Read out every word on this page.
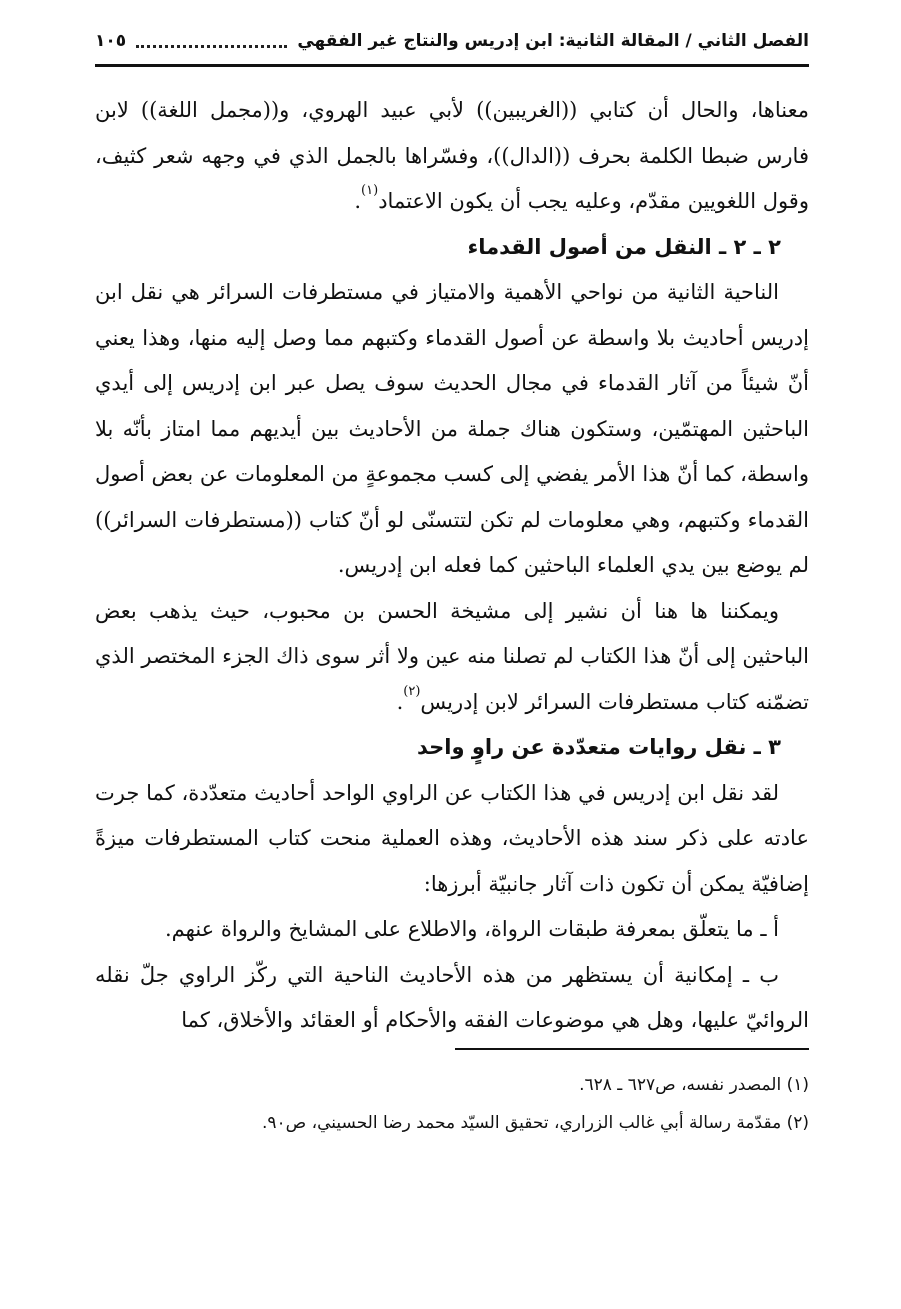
الفصل الثاني / المقالة الثانية: ابن إدريس والنتاج غير الفقهي
١٠٥

معناها، والحال أن كتابي ((الغريبين)) لأبي عبيد الهروي، و((مجمل اللغة)) لابن فارس ضبطا الكلمة بحرف ((الدال))، وفسّراها بالجمل الذي في وجهه شعر كثيف، وقول اللغويين مقدّم، وعليه يجب أن يكون الاعتماد$^{(١)}$.

٢ ـ ٢ ـ النقل من أصول القدماء

الناحية الثانية من نواحي الأهمية والامتياز في مستطرفات السرائر هي نقل ابن إدريس أحاديث بلا واسطة عن أصول القدماء وكتبهم مما وصل إليه منها، وهذا يعني أنّ شيئاً من آثار القدماء في مجال الحديث سوف يصل عبر ابن إدريس إلى أيدي الباحثين المهتمّين، وستكون هناك جملة من الأحاديث بين أيديهم مما امتاز بأنّه بلا واسطة، كما أنّ هذا الأمر يفضي إلى كسب مجموعةٍ من المعلومات عن بعض أصول القدماء وكتبهم، وهي معلومات لم تكن لتتسنّى لو أنّ كتاب ((مستطرفات السرائر)) لم يوضع بين يدي العلماء الباحثين كما فعله ابن إدريس.

ويمكننا ها هنا أن نشير إلى مشيخة الحسن بن محبوب، حيث يذهب بعض الباحثين إلى أنّ هذا الكتاب لم تصلنا منه عين ولا أثر سوى ذاك الجزء المختصر الذي تضمّنه كتاب مستطرفات السرائر لابن إدريس$^{(٢)}$.

٣ ـ نقل روايات متعدّدة عن راوٍ واحد

لقد نقل ابن إدريس في هذا الكتاب عن الراوي الواحد أحاديث متعدّدة، كما جرت عادته على ذكر سند هذه الأحاديث، وهذه العملية منحت كتاب المستطرفات ميزةً إضافيّة يمكن أن تكون ذات آثار جانبيّة أبرزها:

أ ـ ما يتعلّق بمعرفة طبقات الرواة، والاطلاع على المشايخ والرواة عنهم.

ب ـ إمكانية أن يستظهر من هذه الأحاديث الناحية التي ركّز الراوي جلّ نقله الروائيّ عليها، وهل هي موضوعات الفقه والأحكام أو العقائد والأخلاق، كما

(١) المصدر نفسه، ص٦٢٧ ـ ٦٢٨.

(٢) مقدّمة رسالة أبي غالب الزراري، تحقيق السيّد محمد رضا الحسيني، ص٩٠.
